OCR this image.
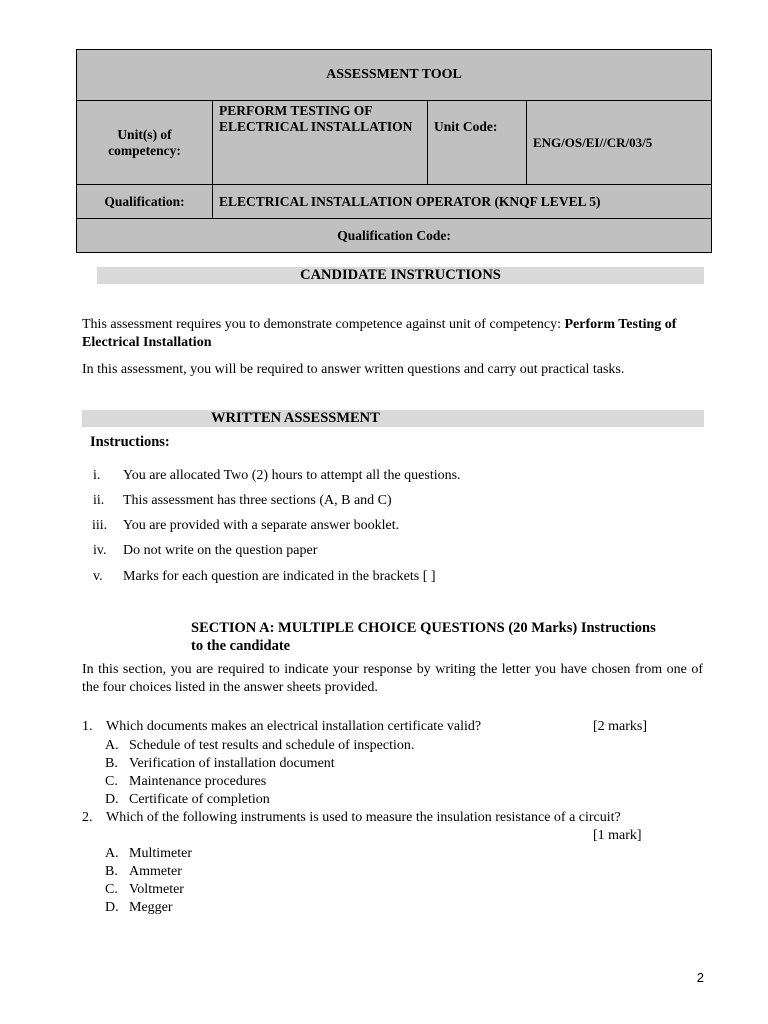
ASSESSMENT TOOL			
Unit(s) of competency:	PERFORM TESTING OF ELECTRICAL INSTALLATION	Unit Code:	ENG/OS/EI//CR/03/5
Qualification:	ELECTRICAL INSTALLATION OPERATOR (KNQF LEVEL 5)		
Qualification Code:			
CANDIDATE INSTRUCTIONS

This assessment requires you to demonstrate competence against unit of competency: Perform Testing of Electrical Installation

In this assessment, you will be required to answer written questions and carry out practical tasks.

WRITTEN ASSESSMENT
Instructions:
i.	You are allocated Two (2) hours to attempt all the questions.
ii.	This assessment has three sections (A, B and C)
iii.	You are provided with a separate answer booklet.
iv.	Do not write on the question paper
v.	Marks for each question are indicated in the brackets [ ]
SECTION A: MULTIPLE CHOICE QUESTIONS (20 Marks) Instructions
to the candidate

In this section, you are required to indicate your response by writing the letter you have chosen from one of the four choices listed in the answer sheets provided.

1. Which documents makes an electrical installation certificate valid?	[2 marks]
A. Schedule of test results and schedule of inspection.
B. Verification of installation document
C. Maintenance procedures
D. Certificate of completion
2. Which of the following instruments is used to measure the insulation resistance of a circuit?
[1 mark]
A. Multimeter
B. Ammeter
C. Voltmeter
D. Megger
2
